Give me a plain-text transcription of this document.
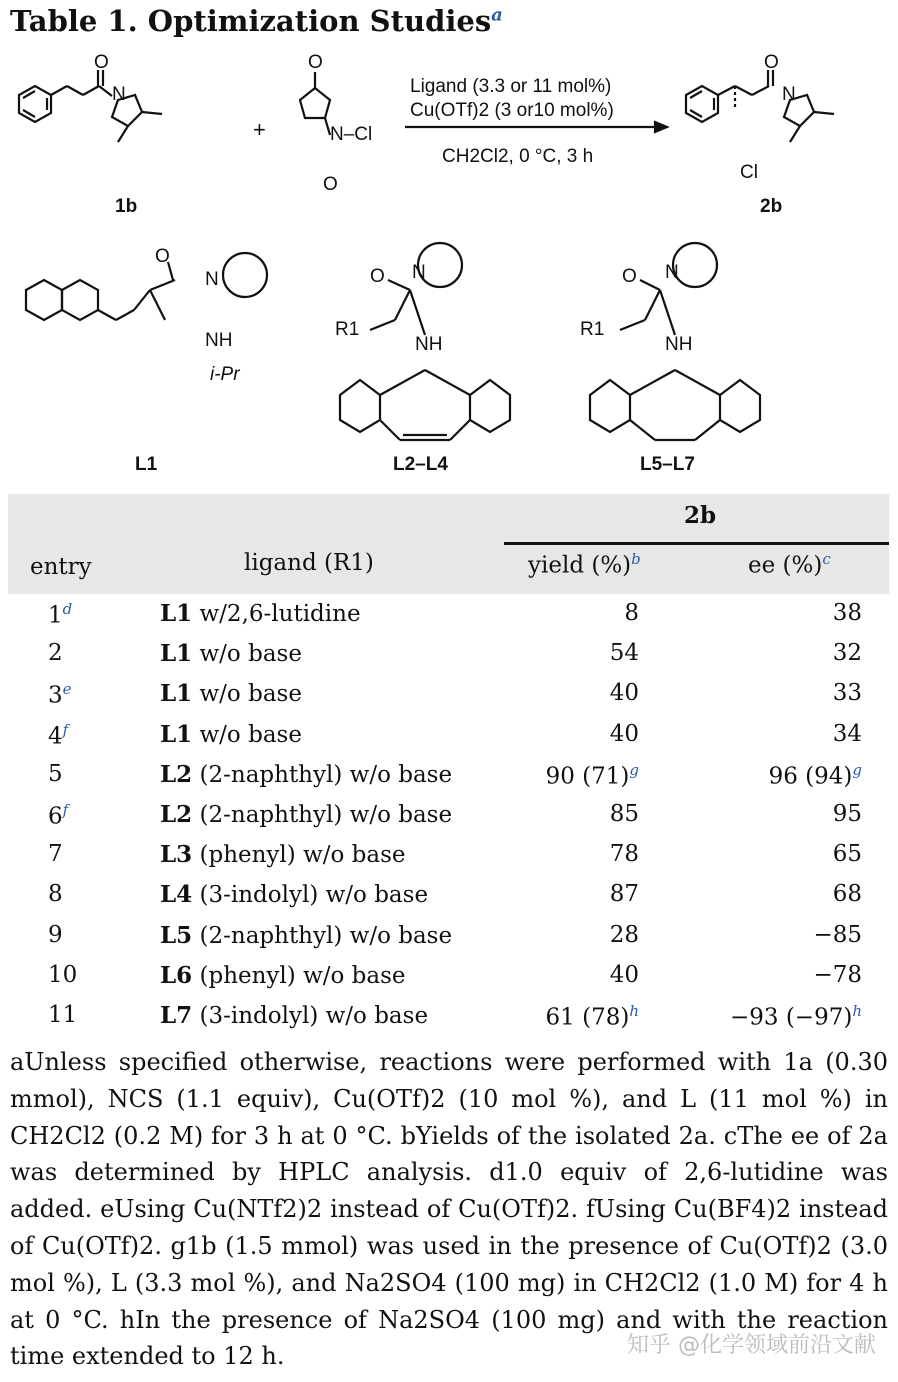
Table 1. Optimization Studies$^a$
N
O
1b
+
O
N–Cl
O
Ligand (3.3 or 11 mol%)
Cu(OTf)2 (3 or10 mol%)
CH2Cl2, 0 °C, 3 h
O
N
Cl
2b
O
N
NH
i-Pr
L1
O N
R1
NH
L2–L4
O N
R1
NH
L5–L7
2b
entry	ligand (R1)	yield (%)$^b$	ee (%)$^c$
1$^d$	L1 w/2,6-lutidine	8	38
2	L1 w/o base	54	32
3e	L1 w/o base	40	33
4$^f$	L1 w/o base	40	34
5	L2 (2-naphthyl) w/o base	90 (71)$^g$	96 (94)$^g$
6$^f$	L2 (2-naphthyl) w/o base	85	95
7	L3 (phenyl) w/o base	78	65
8	L4 (3-indolyl) w/o base	87	68
9	L5 (2-naphthyl) w/o base	28	−85
10	L6 (phenyl) w/o base	40	−78
11	L7 (3-indolyl) w/o base	61 (78)$^h$	−93 (−97)$^h$
aUnless specified otherwise, reactions were performed with 1a (0.30 mmol), NCS (1.1 equiv), Cu(OTf)2 (10 mol %), and L (11 mol %) in CH2Cl2 (0.2 M) for 3 h at 0 °C. bYields of the isolated 2a. cThe ee of 2a was determined by HPLC analysis. d1.0 equiv of 2,6-lutidine was added. eUsing Cu(NTf2)2 instead of Cu(OTf)2. fUsing Cu(BF4)2 instead of Cu(OTf)2. g1b (1.5 mmol) was used in the presence of Cu(OTf)2 (3.0 mol %), L (3.3 mol %), and Na2SO4 (100 mg) in CH2Cl2 (1.0 M) for 4 h at 0 °C. hIn the presence of Na2SO4 (100 mg) and with the reaction time extended to 12 h.	知乎 @化学领域前沿文献
